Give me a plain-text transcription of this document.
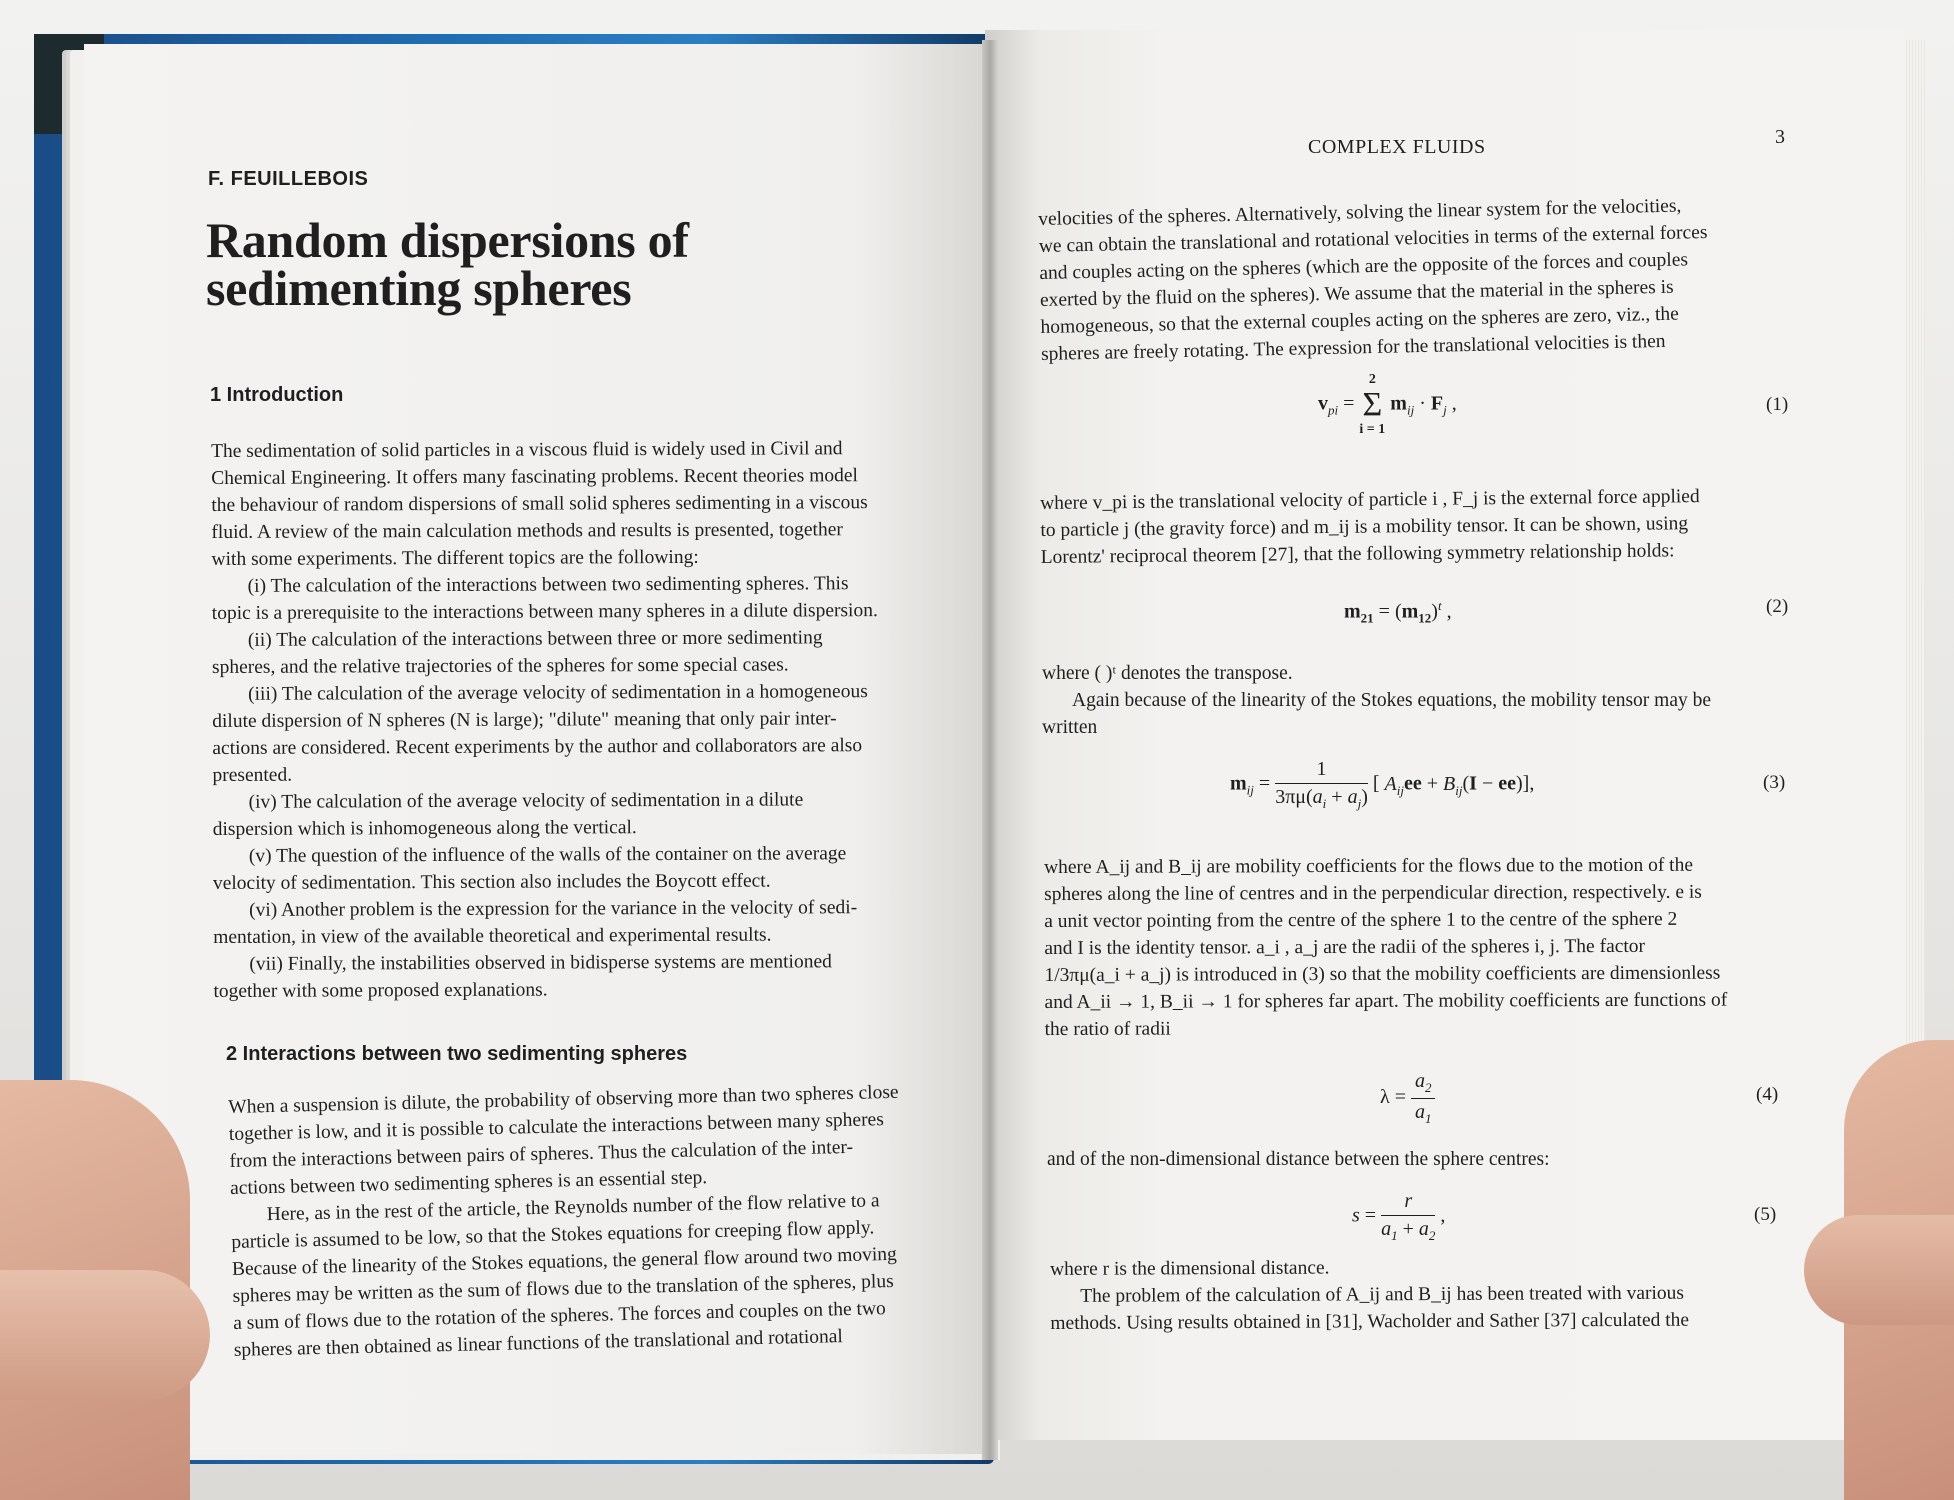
F. FEUILLEBOIS
Random dispersions of
sedimenting spheres
1 Introduction
The sedimentation of solid particles in a viscous fluid is widely used in Civil and
Chemical Engineering. It offers many fascinating problems. Recent theories model
the behaviour of random dispersions of small solid spheres sedimenting in a viscous
fluid. A review of the main calculation methods and results is presented, together
with some experiments. The different topics are the following:
(i) The calculation of the interactions between two sedimenting spheres. This
topic is a prerequisite to the interactions between many spheres in a dilute dispersion.
(ii) The calculation of the interactions between three or more sedimenting
spheres, and the relative trajectories of the spheres for some special cases.
(iii) The calculation of the average velocity of sedimentation in a homogeneous
dilute dispersion of N spheres (N is large); "dilute" meaning that only pair inter-
actions are considered. Recent experiments by the author and collaborators are also
presented.
(iv) The calculation of the average velocity of sedimentation in a dilute
dispersion which is inhomogeneous along the vertical.
(v) The question of the influence of the walls of the container on the average
velocity of sedimentation. This section also includes the Boycott effect.
(vi) Another problem is the expression for the variance in the velocity of sedi-
mentation, in view of the available theoretical and experimental results.
(vii) Finally, the instabilities observed in bidisperse systems are mentioned
together with some proposed explanations.
2 Interactions between two sedimenting spheres
When a suspension is dilute, the probability of observing more than two spheres close
together is low, and it is possible to calculate the interactions between many spheres
from the interactions between pairs of spheres. Thus the calculation of the inter-
actions between two sedimenting spheres is an essential step.
Here, as in the rest of the article, the Reynolds number of the flow relative to a
particle is assumed to be low, so that the Stokes equations for creeping flow apply.
Because of the linearity of the Stokes equations, the general flow around two moving
spheres may be written as the sum of flows due to the translation of the spheres, plus
a sum of flows due to the rotation of the spheres. The forces and couples on the two
spheres are then obtained as linear functions of the translational and rotational
COMPLEX FLUIDS	3
velocities of the spheres. Alternatively, solving the linear system for the velocities,
we can obtain the translational and rotational velocities in terms of the external forces
and couples acting on the spheres (which are the opposite of the forces and couples
exerted by the fluid on the spheres). We assume that the material in the spheres is
homogeneous, so that the external couples acting on the spheres are zero, viz., the
spheres are freely rotating. The expression for the translational velocities is then
$v_{pi}$ =
2
Σ
i = 1
$m_{ij} \cdot F_j$ ,	(1)
where v_pi is the translational velocity of particle i , F_j is the external force applied
to particle j (the gravity force) and m_ij is a mobility tensor. It can be shown, using
Lorentz' reciprocal theorem [27], that the following symmetry relationship holds:
$m_{21} = (m_{12})^t$ ,	(2)
where ( )ᵗ denotes the transpose.
Again because of the linearity of the Stokes equations, the mobility tensor may be
written
$m_{ij} = \frac{1}{3\pi\mu(a_i + a_j)}$ [ $A_{ij}ee + B_{ij}(I - ee)$],	(3)
where A_ij and B_ij are mobility coefficients for the flows due to the motion of the
spheres along the line of centres and in the perpendicular direction, respectively. e is
a unit vector pointing from the centre of the sphere 1 to the centre of the sphere 2
and I is the identity tensor. a_i , a_j are the radii of the spheres i, j. The factor
1/3πμ(a_i + a_j) is introduced in (3) so that the mobility coefficients are dimensionless
and A_ii → 1, B_ii → 1 for spheres far apart. The mobility coefficients are functions of
the ratio of radii
$\lambda = \frac{a_2}{a_1}$	(4)
and of the non-dimensional distance between the sphere centres:
$s = \frac{r}{a_1 + a_2}$ ,	(5)
where r is the dimensional distance.
The problem of the calculation of A_ij and B_ij has been treated with various
methods. Using results obtained in [31], Wacholder and Sather [37] calculated the
